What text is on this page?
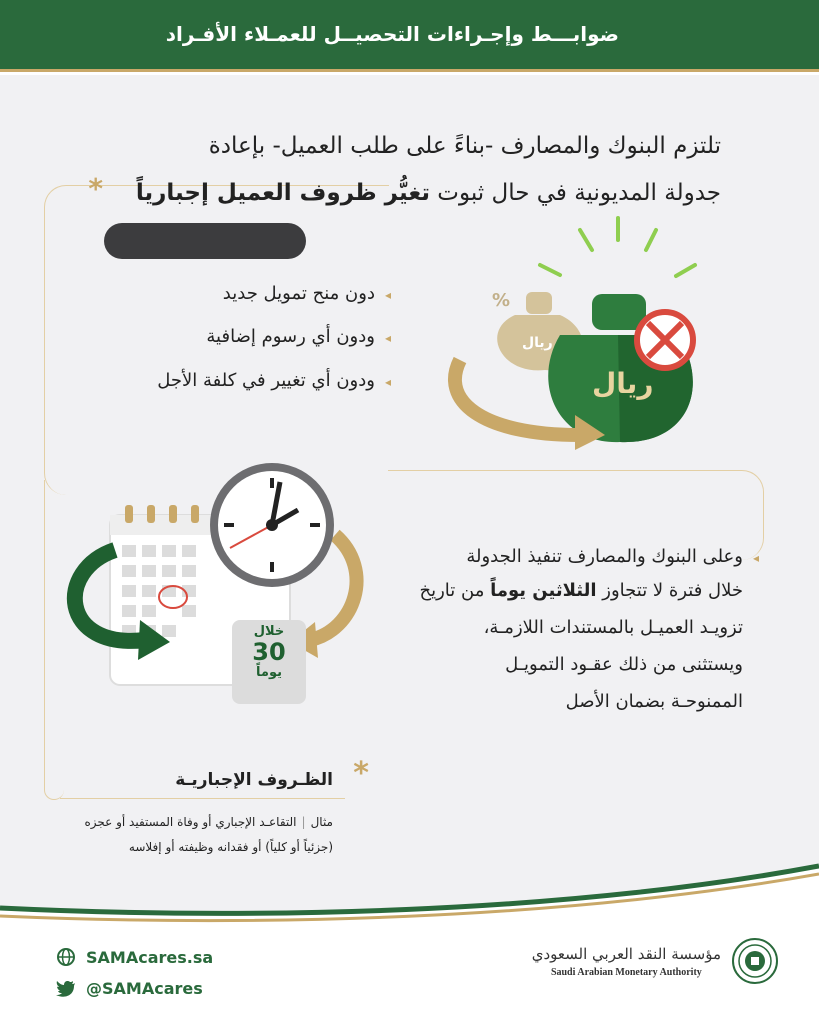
ضوابـــط وإجـراءات التحصيــل للعمـلاء الأفـراد
تلتزم البنوك والمصارف -بناءً على طلب العميل- بإعادة
جدولة المديونية في حال ثبوت تغيُّر ظروف العميل إجبارياً
*
◂دون منح تمويل جديد
◂ودون أي رسوم إضافية
◂ودون أي تغيير في كلفة الأجل
ريال
%
ريال
خلال
30
يوماً
◂وعلى البنوك والمصارف تنفيذ الجدولة
خلال فترة لا تتجاوز الثلاثين يوماً من تاريخ
تزويـد العميـل بالمستندات اللازمـة،
ويستثنى من ذلك عقـود التمويـل
الممنوحـة بضمان الأصل
*
الظـروف الإجباريـة
مثال|التقاعـد الإجباري أو وفاة المستفيد أو عجزه
(جزئياً أو كلياً) أو فقدانه وظيفته أو إفلاسه
SAMAcares.sa
@SAMAcares
مؤسسة النقد العربي السعودي
Saudi Arabian Monetary Authority
